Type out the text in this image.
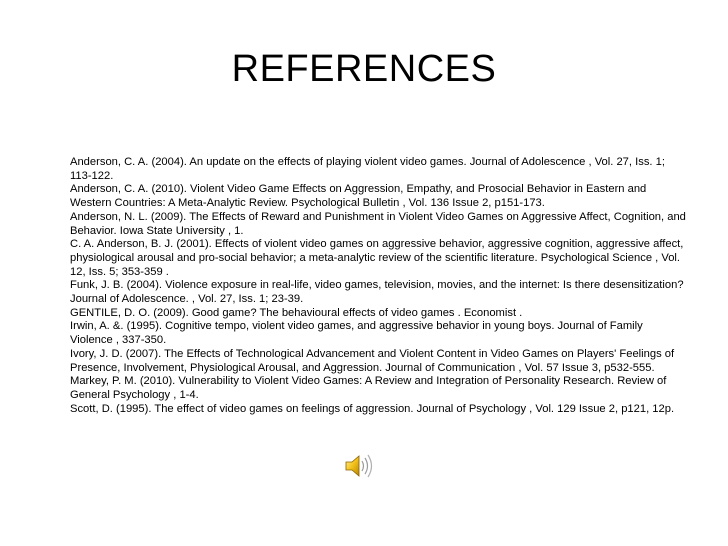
REFERENCES
Anderson, C. A. (2004). An update on the effects of playing violent video games. Journal of Adolescence , Vol. 27, Iss. 1; 113-122.
Anderson, C. A. (2010). Violent Video Game Effects on Aggression, Empathy, and Prosocial Behavior in Eastern and Western Countries: A Meta-Analytic Review. Psychological Bulletin , Vol. 136 Issue 2, p151-173.
Anderson, N. L. (2009). The Effects of Reward and Punishment in Violent Video Games on Aggressive Affect, Cognition, and Behavior. Iowa State University , 1.
C. A. Anderson, B. J. (2001). Effects of violent video games on aggressive behavior, aggressive cognition, aggressive affect, physiological arousal and pro-social behavior; a meta-analytic review of the scientific literature. Psychological Science , Vol. 12, Iss. 5; 353-359 .
Funk, J. B. (2004). Violence exposure in real-life, video games, television, movies, and the internet: Is there desensitization? Journal of Adolescence. , Vol. 27, Iss. 1; 23-39.
GENTILE, D. O. (2009). Good game? The behavioural effects of video games . Economist .
Irwin, A. &. (1995). Cognitive tempo, violent video games, and aggressive behavior in young boys. Journal of Family Violence , 337-350.
Ivory, J. D. (2007). The Effects of Technological Advancement and Violent Content in Video Games on Players' Feelings of Presence, Involvement, Physiological Arousal, and Aggression. Journal of Communication , Vol. 57 Issue 3, p532-555.
Markey, P. M. (2010). Vulnerability to Violent Video Games: A Review and Integration of Personality Research. Review of General Psychology , 1-4.
Scott, D. (1995). The effect of video games on feelings of aggression. Journal of Psychology , Vol. 129 Issue 2, p121, 12p.
